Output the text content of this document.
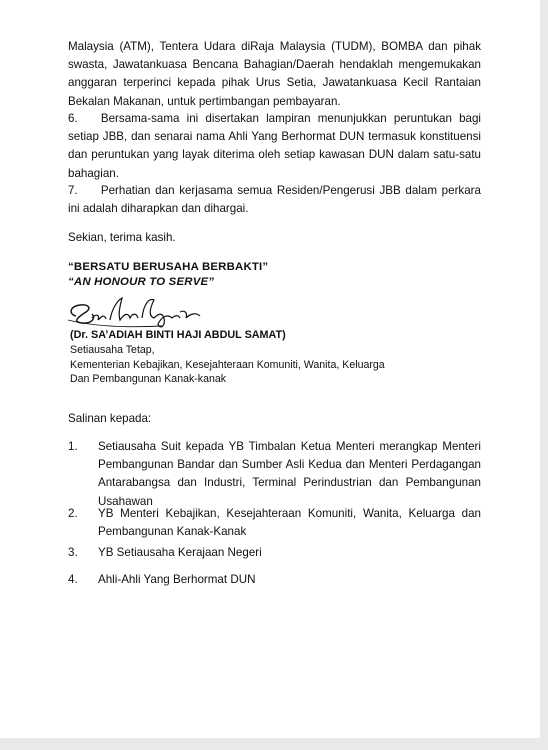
Malaysia (ATM), Tentera Udara diRaja Malaysia (TUDM), BOMBA dan pihak swasta, Jawatankuasa Bencana Bahagian/Daerah hendaklah mengemukakan anggaran terperinci kepada pihak Urus Setia, Jawatankuasa Kecil Rantaian Bekalan Makanan, untuk pertimbangan pembayaran.

6.  Bersama-sama ini disertakan lampiran menunjukkan peruntukan bagi setiap JBB, dan senarai nama Ahli Yang Berhormat DUN termasuk konstituensi dan peruntukan yang layak diterima oleh setiap kawasan DUN dalam satu-satu bahagian.

7.  Perhatian dan kerjasama semua Residen/Pengerusi JBB dalam perkara ini adalah diharapkan dan dihargai.

Sekian, terima kasih.

“BERSATU BERUSAHA BERBAKTI”
“AN HONOUR TO SERVE”
(Dr. SA’ADIAH BINTI HAJI ABDUL SAMAT)
Setiausaha Tetap,
Kementerian Kebajikan, Kesejahteraan Komuniti, Wanita, Keluarga
Dan Pembangunan Kanak-kanak
Salinan kepada:
1.	Setiausaha Suit kepada YB Timbalan Ketua Menteri merangkap Menteri Pembangunan Bandar dan Sumber Asli Kedua dan Menteri Perdagangan Antarabangsa dan Industri, Terminal Perindustrian dan Pembangunan Usahawan
2.	YB Menteri Kebajikan, Kesejahteraan Komuniti, Wanita, Keluarga dan Pembangunan Kanak-Kanak
3.	YB Setiausaha Kerajaan Negeri
4.	Ahli-Ahli Yang Berhormat DUN
